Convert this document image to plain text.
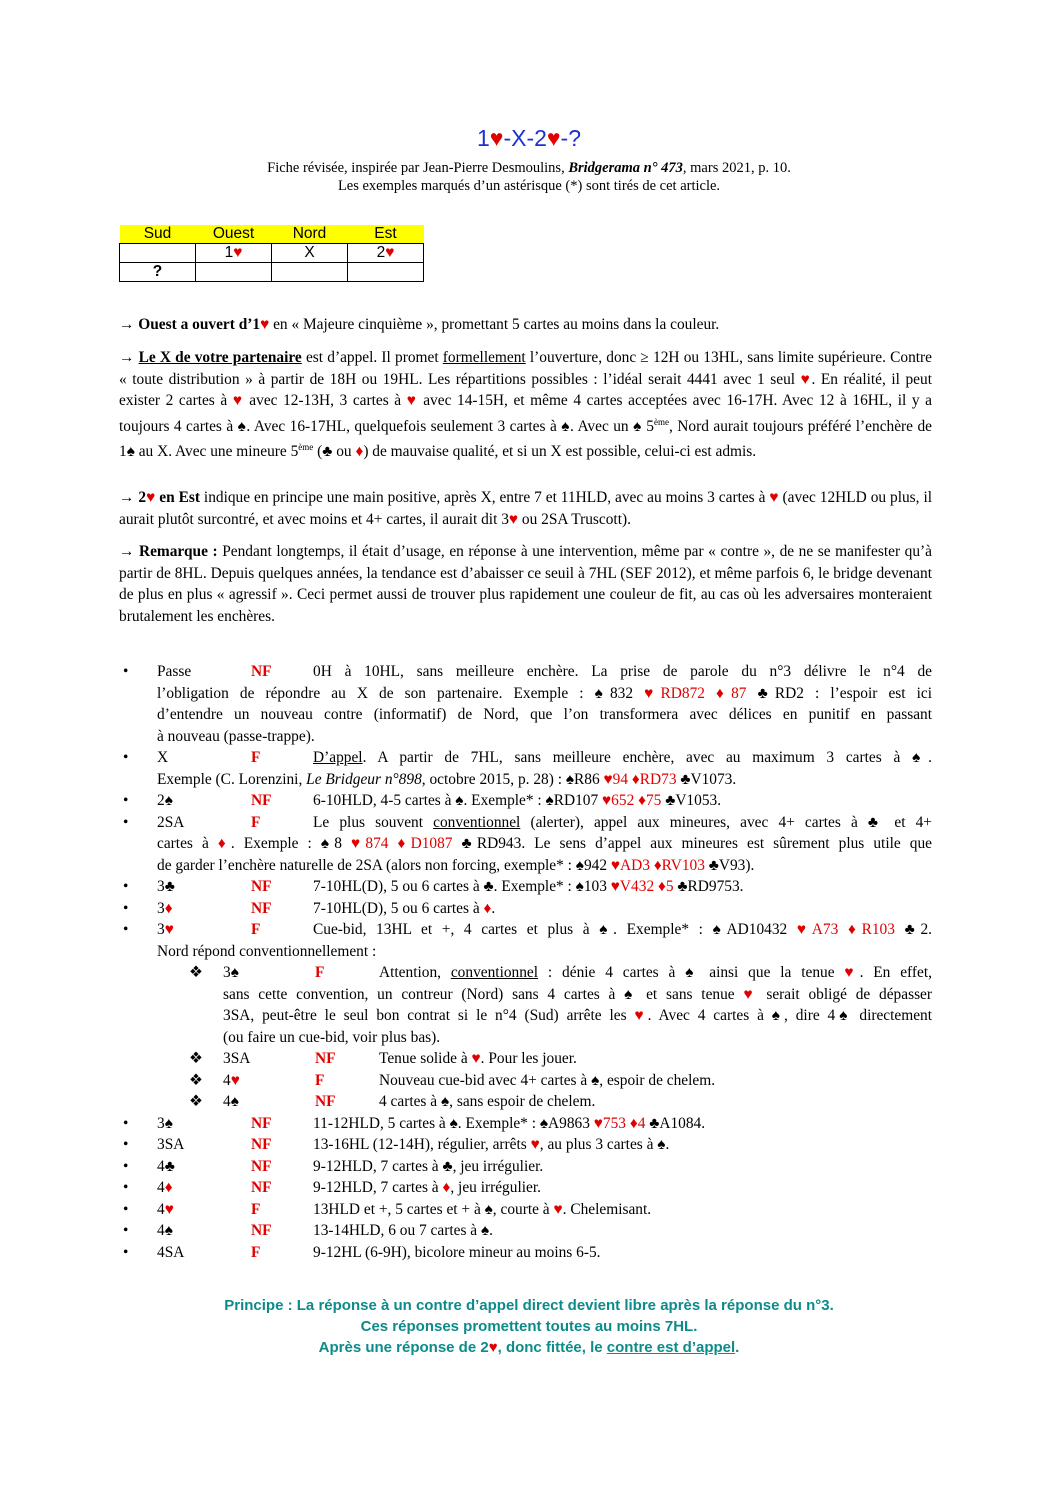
1♥-X-2♥-?
Fiche révisée, inspirée par Jean-Pierre Desmoulins, Bridgerama n° 473, mars 2021, p. 10.
Les exemples marqués d’un astérisque (*) sont tirés de cet article.
Sud	Ouest	Nord	Est
	1♥	X	2♥
?			
→ Ouest a ouvert d’1♥ en « Majeure cinquième », promettant 5 cartes au moins dans la couleur.
→ Le X de votre partenaire est d’appel. Il promet formellement l’ouverture, donc ≥ 12H ou 13HL, sans limite supérieure. Contre « toute distribution » à partir de 18H ou 19HL. Les répartitions possibles : l’idéal serait 4441 avec 1 seul ♥. En réalité, il peut exister 2 cartes à ♥ avec 12-13H, 3 cartes à ♥ avec 14-15H, et même 4 cartes acceptées avec 16-17H. Avec 12 à 16HL, il y a toujours 4 cartes à ♠. Avec 16-17HL, quelquefois seulement 3 cartes à ♠. Avec un ♠ 5ème, Nord aurait toujours préféré l’enchère de 1♠ au X. Avec une mineure 5ème (♣ ou ♦) de mauvaise qualité, et si un X est possible, celui-ci est admis.
→ 2♥ en Est indique en principe une main positive, après X, entre 7 et 11HLD, avec au moins 3 cartes à ♥ (avec 12HLD ou plus, il aurait plutôt surcontré, et avec moins et 4+ cartes, il aurait dit 3♥ ou 2SA Truscott).
→ Remarque : Pendant longtemps, il était d’usage, en réponse à une intervention, même par « contre », de ne se manifester qu’à partir de 8HL. Depuis quelques années, la tendance est d’abaisser ce seuil à 7HL (SEF 2012), et même parfois 6, le bridge devenant de plus en plus « agressif ». Ceci permet aussi de trouver plus rapidement une couleur de fit, au cas où les adversaires monteraient brutalement les enchères.
• Passe	NF	0H à 10HL, sans meilleure enchère. La prise de parole du n°3 délivre le n°4 de
l’obligation de répondre au X de son partenaire. Exemple : ♠832 ♥RD872 ♦87 ♣RD2 : l’espoir est ici
d’entendre un nouveau contre (informatif) de Nord, que l’on transformera avec délices en punitif en passant
à nouveau (passe-trappe).
• X	F	D’appel. A partir de 7HL, sans meilleure enchère, avec au maximum 3 cartes à ♠.
Exemple (C. Lorenzini, Le Bridgeur n°898, octobre 2015, p. 28) : ♠R86 ♥94 ♦RD73 ♣V1073.
• 2♠	NF	6-10HLD, 4-5 cartes à ♠. Exemple* : ♠RD107 ♥652 ♦75 ♣V1053.
• 2SA	F	Le plus souvent conventionnel (alerter), appel aux mineures, avec 4+ cartes à ♣ et 4+
cartes à ♦. Exemple : ♠8 ♥874 ♦D1087 ♣RD943. Le sens d’appel aux mineures est sûrement plus utile que
de garder l’enchère naturelle de 2SA (alors non forcing, exemple* : ♠942 ♥AD3 ♦RV103 ♣V93).
• 3♣	NF	7-10HL(D), 5 ou 6 cartes à ♣. Exemple* : ♠103 ♥V432 ♦5 ♣RD9753.
• 3♦	NF	7-10HL(D), 5 ou 6 cartes à ♦.
• 3♥	F	Cue-bid, 13HL et +, 4 cartes et plus à ♠. Exemple* : ♠AD10432 ♥A73 ♦R103 ♣2.
Nord répond conventionnellement :
❖ 3♠	F	Attention, conventionnel : dénie 4 cartes à ♠ ainsi que la tenue ♥. En effet,
sans cette convention, un contreur (Nord) sans 4 cartes à ♠ et sans tenue ♥ serait obligé de dépasser
3SA, peut-être le seul bon contrat si le n°4 (Sud) arrête les ♥. Avec 4 cartes à ♠, dire 4♠ directement
(ou faire un cue-bid, voir plus bas).
❖ 3SA	NF	Tenue solide à ♥. Pour les jouer.
❖ 4♥	F	Nouveau cue-bid avec 4+ cartes à ♠, espoir de chelem.
❖ 4♠	NF	4 cartes à ♠, sans espoir de chelem.
• 3♠	NF	11-12HLD, 5 cartes à ♠. Exemple* : ♠A9863 ♥753 ♦4 ♣A1084.
• 3SA	NF	13-16HL (12-14H), régulier, arrêts ♥, au plus 3 cartes à ♠.
• 4♣	NF	9-12HLD, 7 cartes à ♣, jeu irrégulier.
• 4♦	NF	9-12HLD, 7 cartes à ♦, jeu irrégulier.
• 4♥	F	13HLD et +, 5 cartes et + à ♠, courte à ♥. Chelemisant.
• 4♠	NF	13-14HLD, 6 ou 7 cartes à ♠.
• 4SA	F	9-12HL (6-9H), bicolore mineur au moins 6-5.
Principe : La réponse à un contre d’appel direct devient libre après la réponse du n°3.
Ces réponses promettent toutes au moins 7HL.
Après une réponse de 2♥, donc fittée, le contre est d’appel.
